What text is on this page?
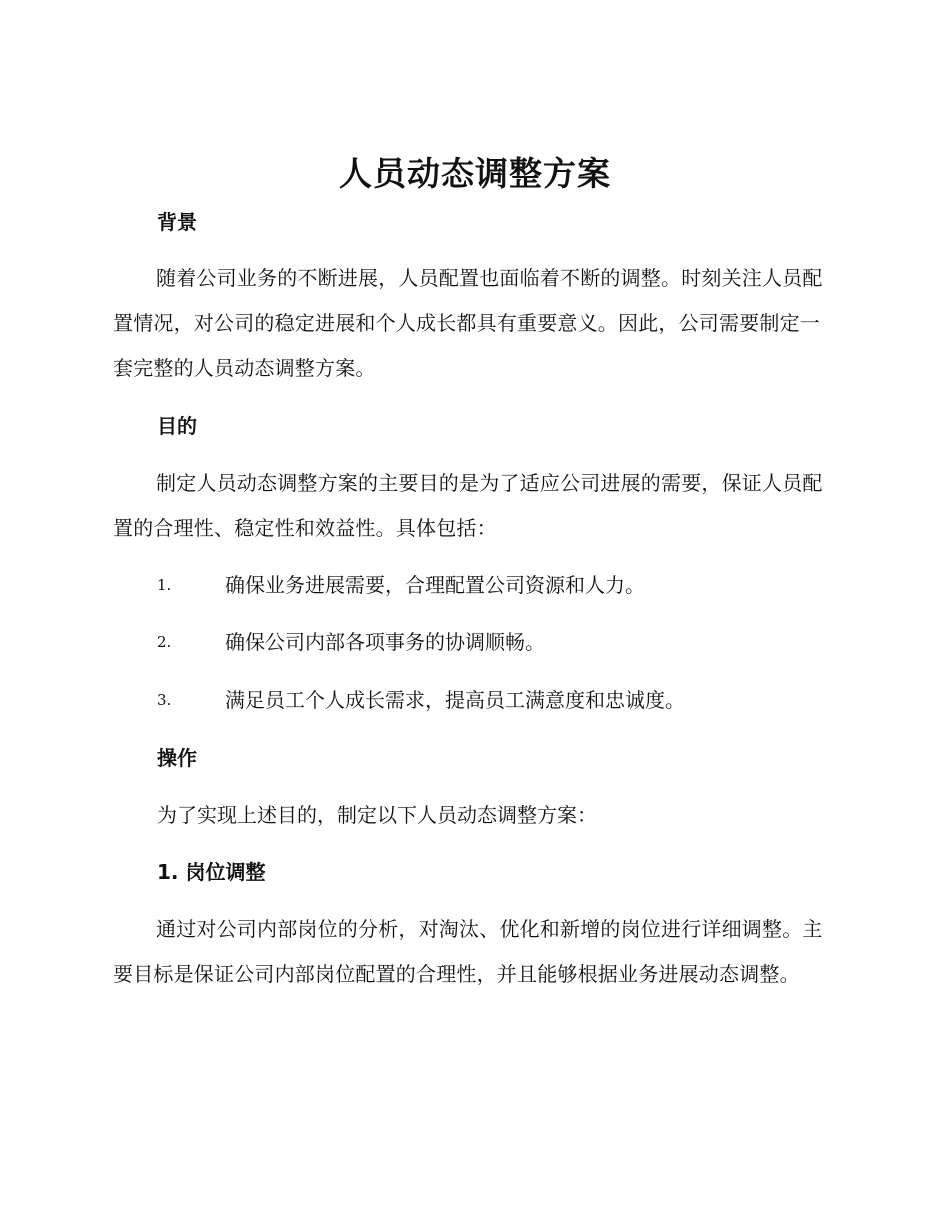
人员动态调整方案
背景
随着公司业务的不断进展，人员配置也面临着不断的调整。时刻关注人员配置情况，对公司的稳定进展和个人成长都具有重要意义。因此，公司需要制定一套完整的人员动态调整方案。
目的
制定人员动态调整方案的主要目的是为了适应公司进展的需要，保证人员配置的合理性、稳定性和效益性。具体包括：
1.	确保业务进展需要，合理配置公司资源和人力。
2.	确保公司内部各项事务的协调顺畅。
3.	满足员工个人成长需求，提高员工满意度和忠诚度。
操作
为了实现上述目的，制定以下人员动态调整方案：
1. 岗位调整
通过对公司内部岗位的分析，对淘汰、优化和新增的岗位进行详细调整。主要目标是保证公司内部岗位配置的合理性，并且能够根据业务进展动态调整。
